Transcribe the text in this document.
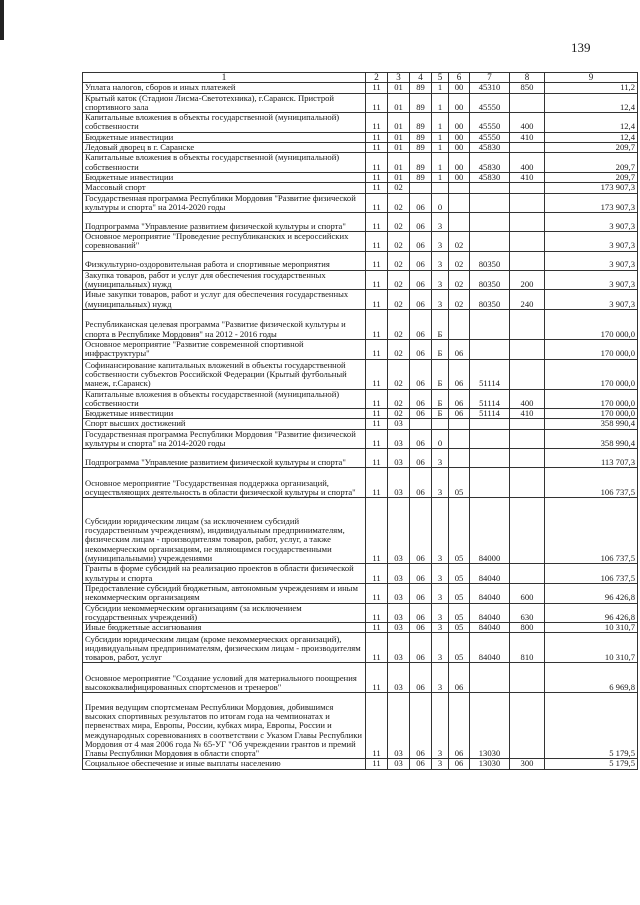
139
1	2	3	4	5	6	7	8	9
Уплата налогов, сборов и иных платежей	11	01	89	1	00	45310	850	11,2
Крытый каток (Стадион Лисма-Светотехника), г.Саранск. Пристрой спортивного зала	11	01	89	1	00	45550		12,4
Капитальные вложения в объекты государственной (муниципальной) собственности	11	01	89	1	00	45550	400	12,4
Бюджетные инвестиции	11	01	89	1	00	45550	410	12,4
Ледовый дворец в г. Саранске	11	01	89	1	00	45830		209,7
Капитальные вложения в объекты государственной (муниципальной) собственности	11	01	89	1	00	45830	400	209,7
Бюджетные инвестиции	11	01	89	1	00	45830	410	209,7
Массовый спорт	11	02						173 907,3
Государственная программа Республики Мордовия "Развитие физической культуры и спорта" на 2014-2020 годы	11	02	06	0				173 907,3
Подпрограмма "Управление развитием физической культуры и спорта"	11	02	06	3				3 907,3
Основное мероприятие "Проведение республиканских и всероссийских соревнований"	11	02	06	3	02			3 907,3
Физкультурно-оздоровительная работа и спортивные мероприятия	11	02	06	3	02	80350		3 907,3
Закупка товаров, работ и услуг для обеспечения государственных (муниципальных) нужд	11	02	06	3	02	80350	200	3 907,3
Иные закупки товаров, работ и услуг для обеспечения государственных (муниципальных) нужд	11	02	06	3	02	80350	240	3 907,3
Республиканская целевая программа "Развитие физической культуры и спорта в Республике Мордовия" на 2012 - 2016 годы	11	02	06	Б				170 000,0
Основное мероприятие "Развитие современной спортивной инфраструктуры"	11	02	06	Б	06			170 000,0
Софинансирование капитальных вложений в объекты государственной собственности субъектов Российской Федерации (Крытый футбольный манеж, г.Саранск)	11	02	06	Б	06	51114		170 000,0
Капитальные вложения в объекты государственной (муниципальной) собственности	11	02	06	Б	06	51114	400	170 000,0
Бюджетные инвестиции	11	02	06	Б	06	51114	410	170 000,0
Спорт высших достижений	11	03						358 990,4
Государственная программа Республики Мордовия "Развитие физической культуры и спорта" на 2014-2020 годы	11	03	06	0				358 990,4
Подпрограмма "Управление развитием физической культуры и спорта"	11	03	06	3				113 707,3
Основное мероприятие "Государственная поддержка организаций, осуществляющих деятельность в области физической культуры и спорта"	11	03	06	3	05			106 737,5
Субсидии юридическим лицам (за исключением субсидий государственным учреждениям), индивидуальным предпринимателям, физическим лицам - производителям товаров, работ, услуг, а также некоммерческим организациям, не являющимся государственными (муниципальными) учреждениями	11	03	06	3	05	84000		106 737,5
Гранты в форме субсидий на реализацию проектов в области физической культуры и спорта	11	03	06	3	05	84040		106 737,5
Предоставление субсидий бюджетным, автономным учреждениям и иным некоммерческим организациям	11	03	06	3	05	84040	600	96 426,8
Субсидии некоммерческим организациям (за исключением государственных учреждений)	11	03	06	3	05	84040	630	96 426,8
Иные бюджетные ассигнования	11	03	06	3	05	84040	800	10 310,7
Субсидии юридическим лицам (кроме некоммерческих организаций), индивидуальным предпринимателям, физическим лицам - производителям товаров, работ, услуг	11	03	06	3	05	84040	810	10 310,7
Основное мероприятие "Создание условий для материального поощрения высококвалифицированных спортсменов и тренеров"	11	03	06	3	06			6 969,8
Премия ведущим спортсменам Республики Мордовия, добившимся высоких спортивных результатов по итогам года на чемпионатах и первенствах мира, Европы, России, кубках мира, Европы, России и международных соревнованиях в соответствии с Указом Главы Республики Мордовия от 4 мая 2006 года № 65-УГ "Об учреждении грантов и премий Главы Республики Мордовия в области спорта"	11	03	06	3	06	13030		5 179,5
Социальное обеспечение и иные выплаты населению	11	03	06	3	06	13030	300	5 179,5
